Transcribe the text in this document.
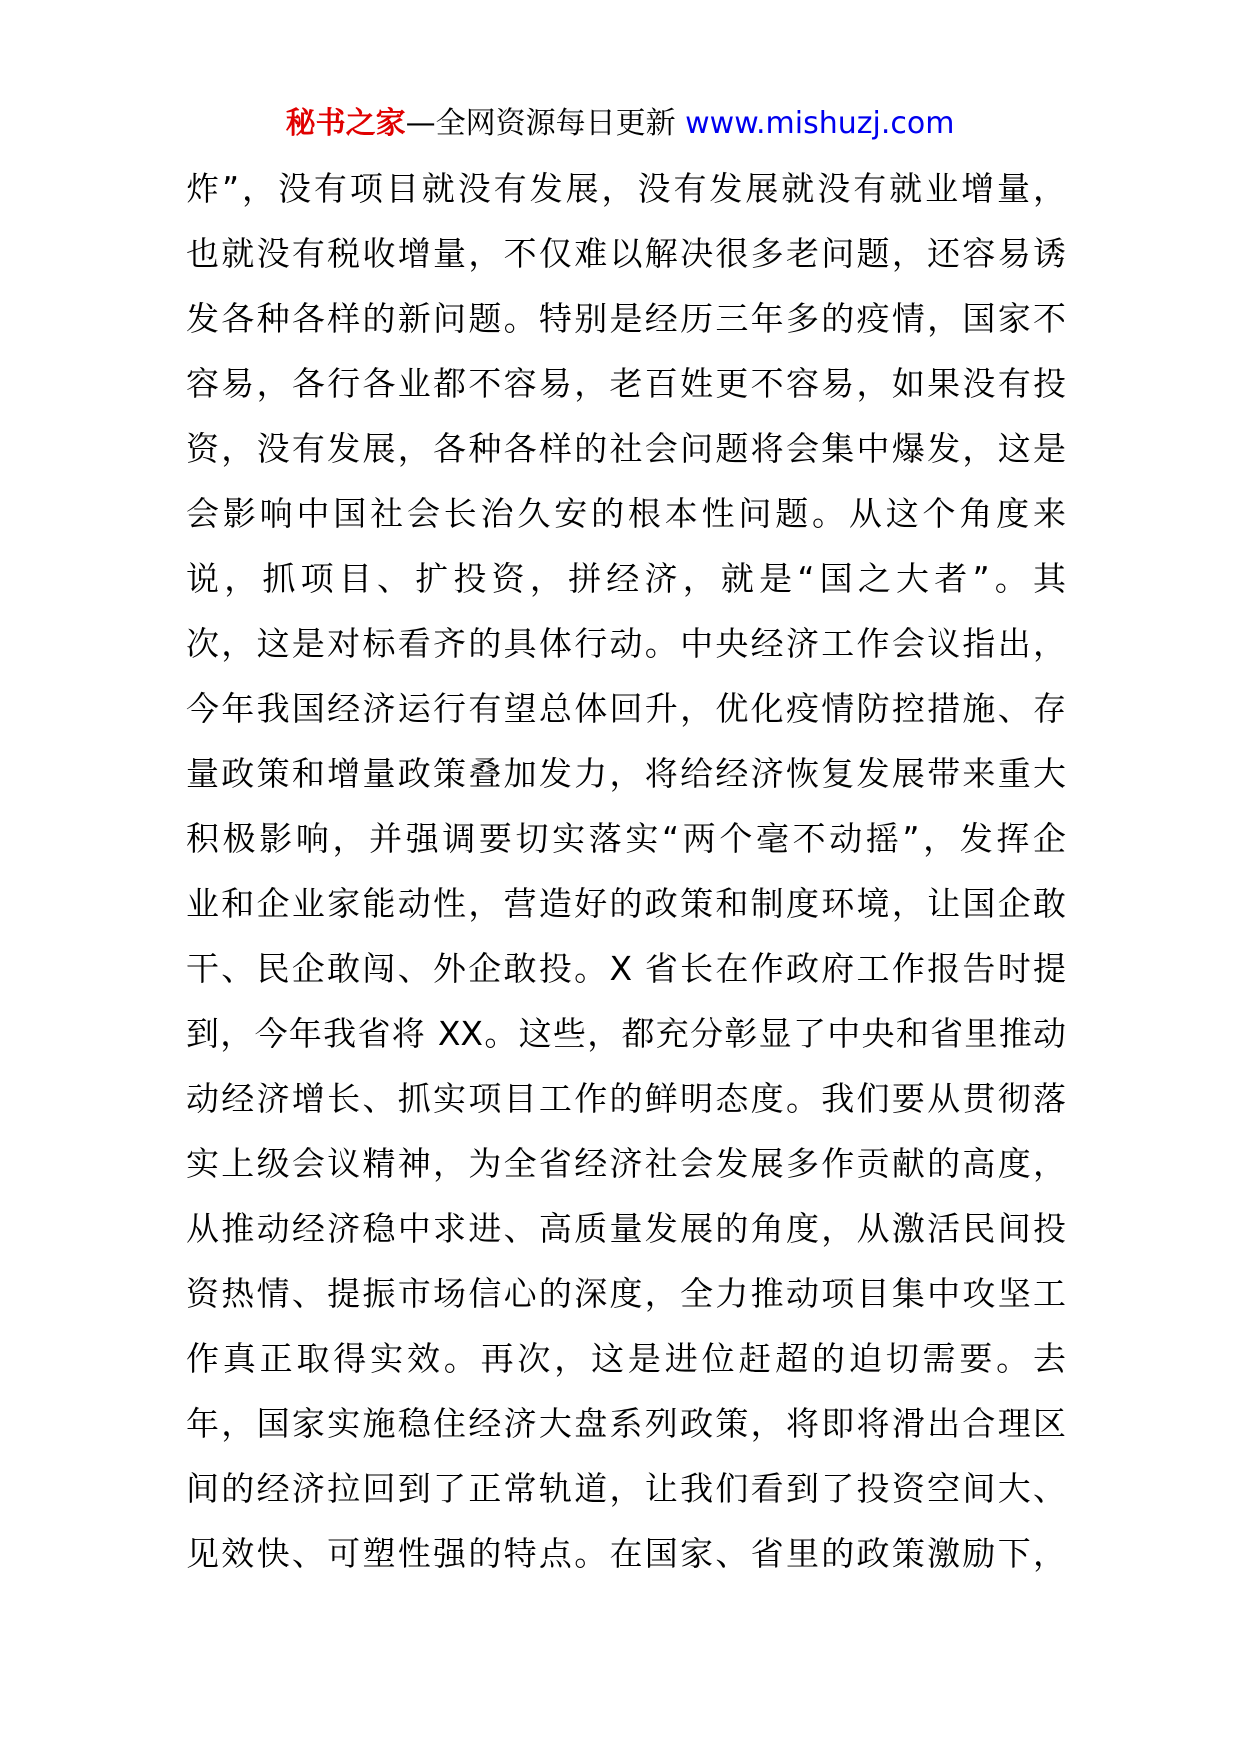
秘书之家—全网资源每日更新 www.mishuzj.com
炸”，没有项目就没有发展，没有发展就没有就业增量，
也就没有税收增量，不仅难以解决很多老问题，还容易诱
发各种各样的新问题。特别是经历三年多的疫情，国家不
容易，各行各业都不容易，老百姓更不容易，如果没有投
资，没有发展，各种各样的社会问题将会集中爆发，这是
会影响中国社会长治久安的根本性问题。从这个角度来
说，抓项目、扩投资，拼经济，就是“国之大者”。其
次，这是对标看齐的具体行动。中央经济工作会议指出，
今年我国经济运行有望总体回升，优化疫情防控措施、存
量政策和增量政策叠加发力，将给经济恢复发展带来重大
积极影响，并强调要切实落实“两个毫不动摇”，发挥企
业和企业家能动性，营造好的政策和制度环境，让国企敢
干、民企敢闯、外企敢投。X 省长在作政府工作报告时提
到，今年我省将 XX。这些，都充分彰显了中央和省里推动
动经济增长、抓实项目工作的鲜明态度。我们要从贯彻落
实上级会议精神，为全省经济社会发展多作贡献的高度，
从推动经济稳中求进、高质量发展的角度，从激活民间投
资热情、提振市场信心的深度，全力推动项目集中攻坚工
作真正取得实效。再次，这是进位赶超的迫切需要。去
年，国家实施稳住经济大盘系列政策，将即将滑出合理区
间的经济拉回到了正常轨道，让我们看到了投资空间大、
见效快、可塑性强的特点。在国家、省里的政策激励下，
